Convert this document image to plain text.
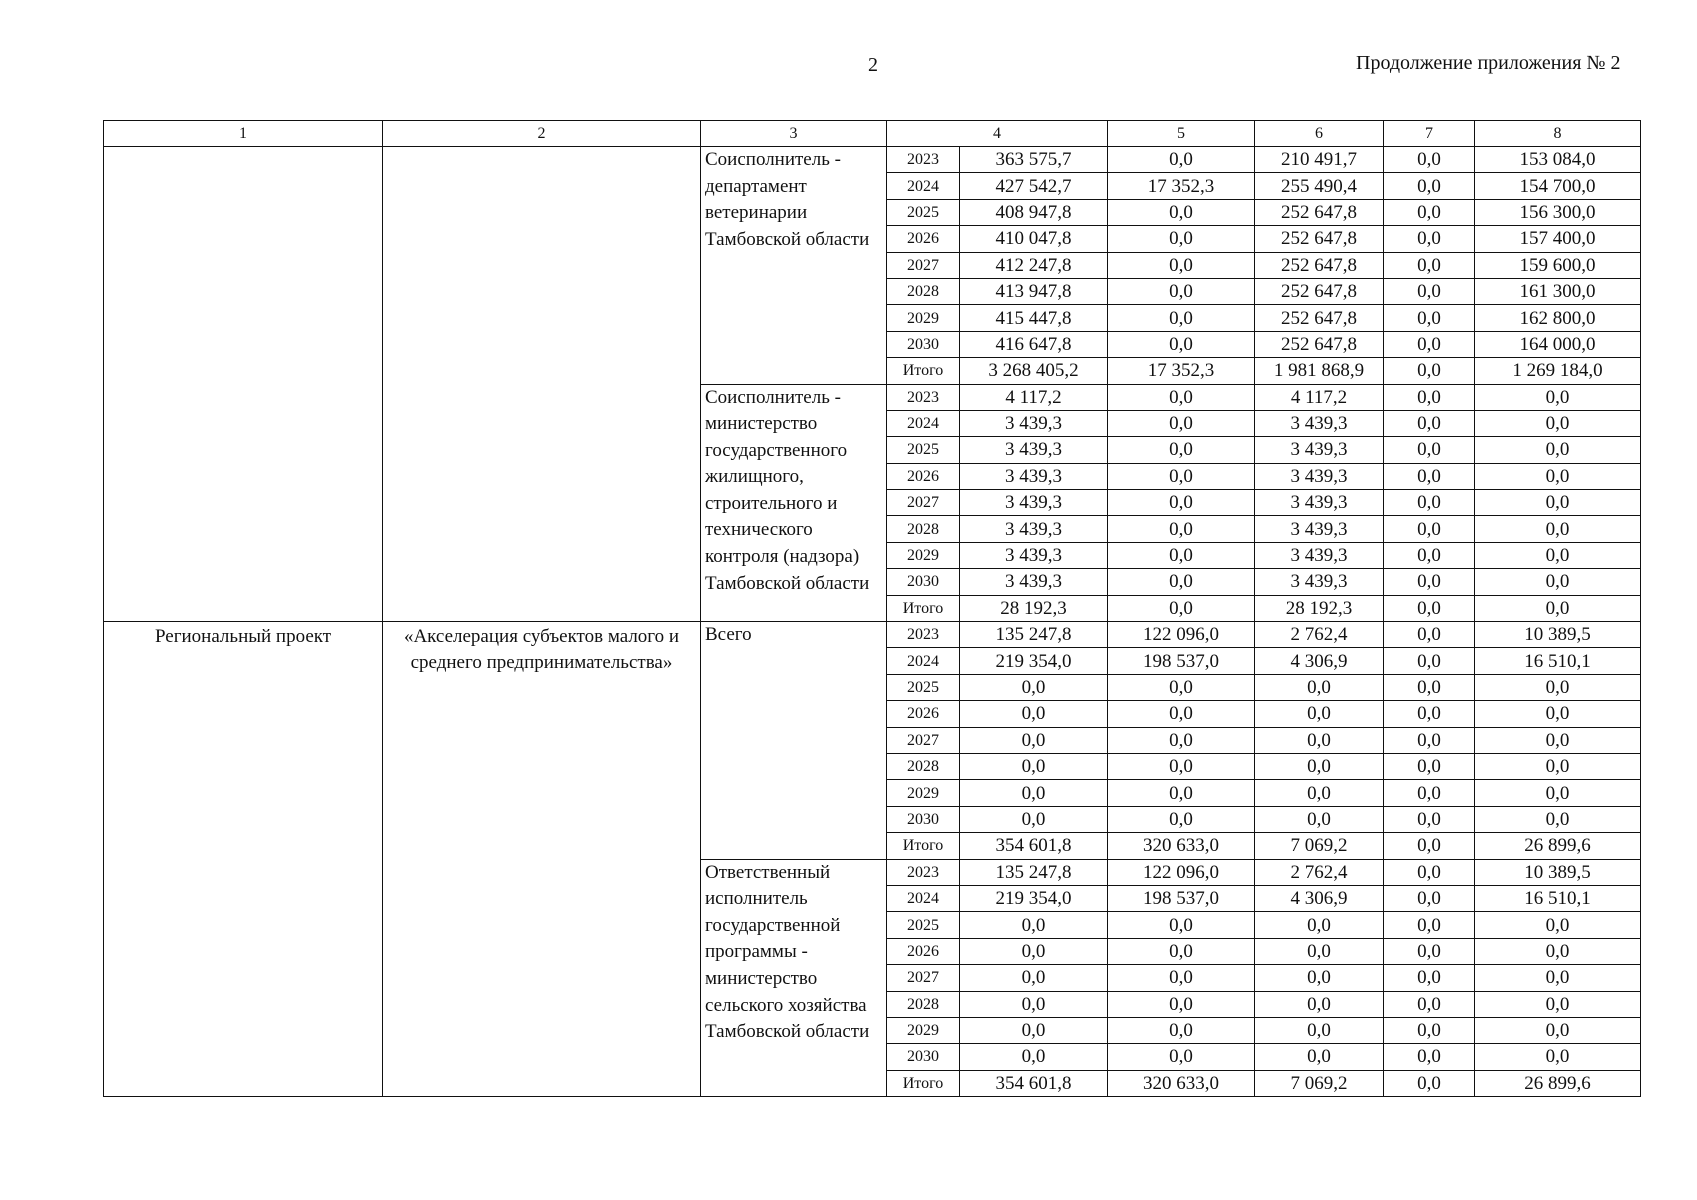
2	Продолжение приложения № 2
1	2	3	4		5	6	7	8
		Соисполнитель - департамент ветеринарии Тамбовской области	2023	363 575,7	0,0	210 491,7	0,0	153 084,0
			2024	427 542,7	17 352,3	255 490,4	0,0	154 700,0
			2025	408 947,8	0,0	252 647,8	0,0	156 300,0
			2026	410 047,8	0,0	252 647,8	0,0	157 400,0
			2027	412 247,8	0,0	252 647,8	0,0	159 600,0
			2028	413 947,8	0,0	252 647,8	0,0	161 300,0
			2029	415 447,8	0,0	252 647,8	0,0	162 800,0
			2030	416 647,8	0,0	252 647,8	0,0	164 000,0
			Итого	3 268 405,2	17 352,3	1 981 868,9	0,0	1 269 184,0
		Соисполнитель - министерство государственного жилищного, строительного и технического контроля (надзора) Тамбовской области	2023	4 117,2	0,0	4 117,2	0,0	0,0
			2024	3 439,3	0,0	3 439,3	0,0	0,0
			2025	3 439,3	0,0	3 439,3	0,0	0,0
			2026	3 439,3	0,0	3 439,3	0,0	0,0
			2027	3 439,3	0,0	3 439,3	0,0	0,0
			2028	3 439,3	0,0	3 439,3	0,0	0,0
			2029	3 439,3	0,0	3 439,3	0,0	0,0
			2030	3 439,3	0,0	3 439,3	0,0	0,0
			Итого	28 192,3	0,0	28 192,3	0,0	0,0
Региональный проект	«Акселерация субъектов малого и среднего предпринимательства»	Всего	2023	135 247,8	122 096,0	2 762,4	0,0	10 389,5
			2024	219 354,0	198 537,0	4 306,9	0,0	16 510,1
			2025	0,0	0,0	0,0	0,0	0,0
			2026	0,0	0,0	0,0	0,0	0,0
			2027	0,0	0,0	0,0	0,0	0,0
			2028	0,0	0,0	0,0	0,0	0,0
			2029	0,0	0,0	0,0	0,0	0,0
			2030	0,0	0,0	0,0	0,0	0,0
			Итого	354 601,8	320 633,0	7 069,2	0,0	26 899,6
		Ответственный исполнитель государственной программы - министерство сельского хозяйства Тамбовской области	2023	135 247,8	122 096,0	2 762,4	0,0	10 389,5
			2024	219 354,0	198 537,0	4 306,9	0,0	16 510,1
			2025	0,0	0,0	0,0	0,0	0,0
			2026	0,0	0,0	0,0	0,0	0,0
			2027	0,0	0,0	0,0	0,0	0,0
			2028	0,0	0,0	0,0	0,0	0,0
			2029	0,0	0,0	0,0	0,0	0,0
			2030	0,0	0,0	0,0	0,0	0,0
			Итого	354 601,8	320 633,0	7 069,2	0,0	26 899,6
